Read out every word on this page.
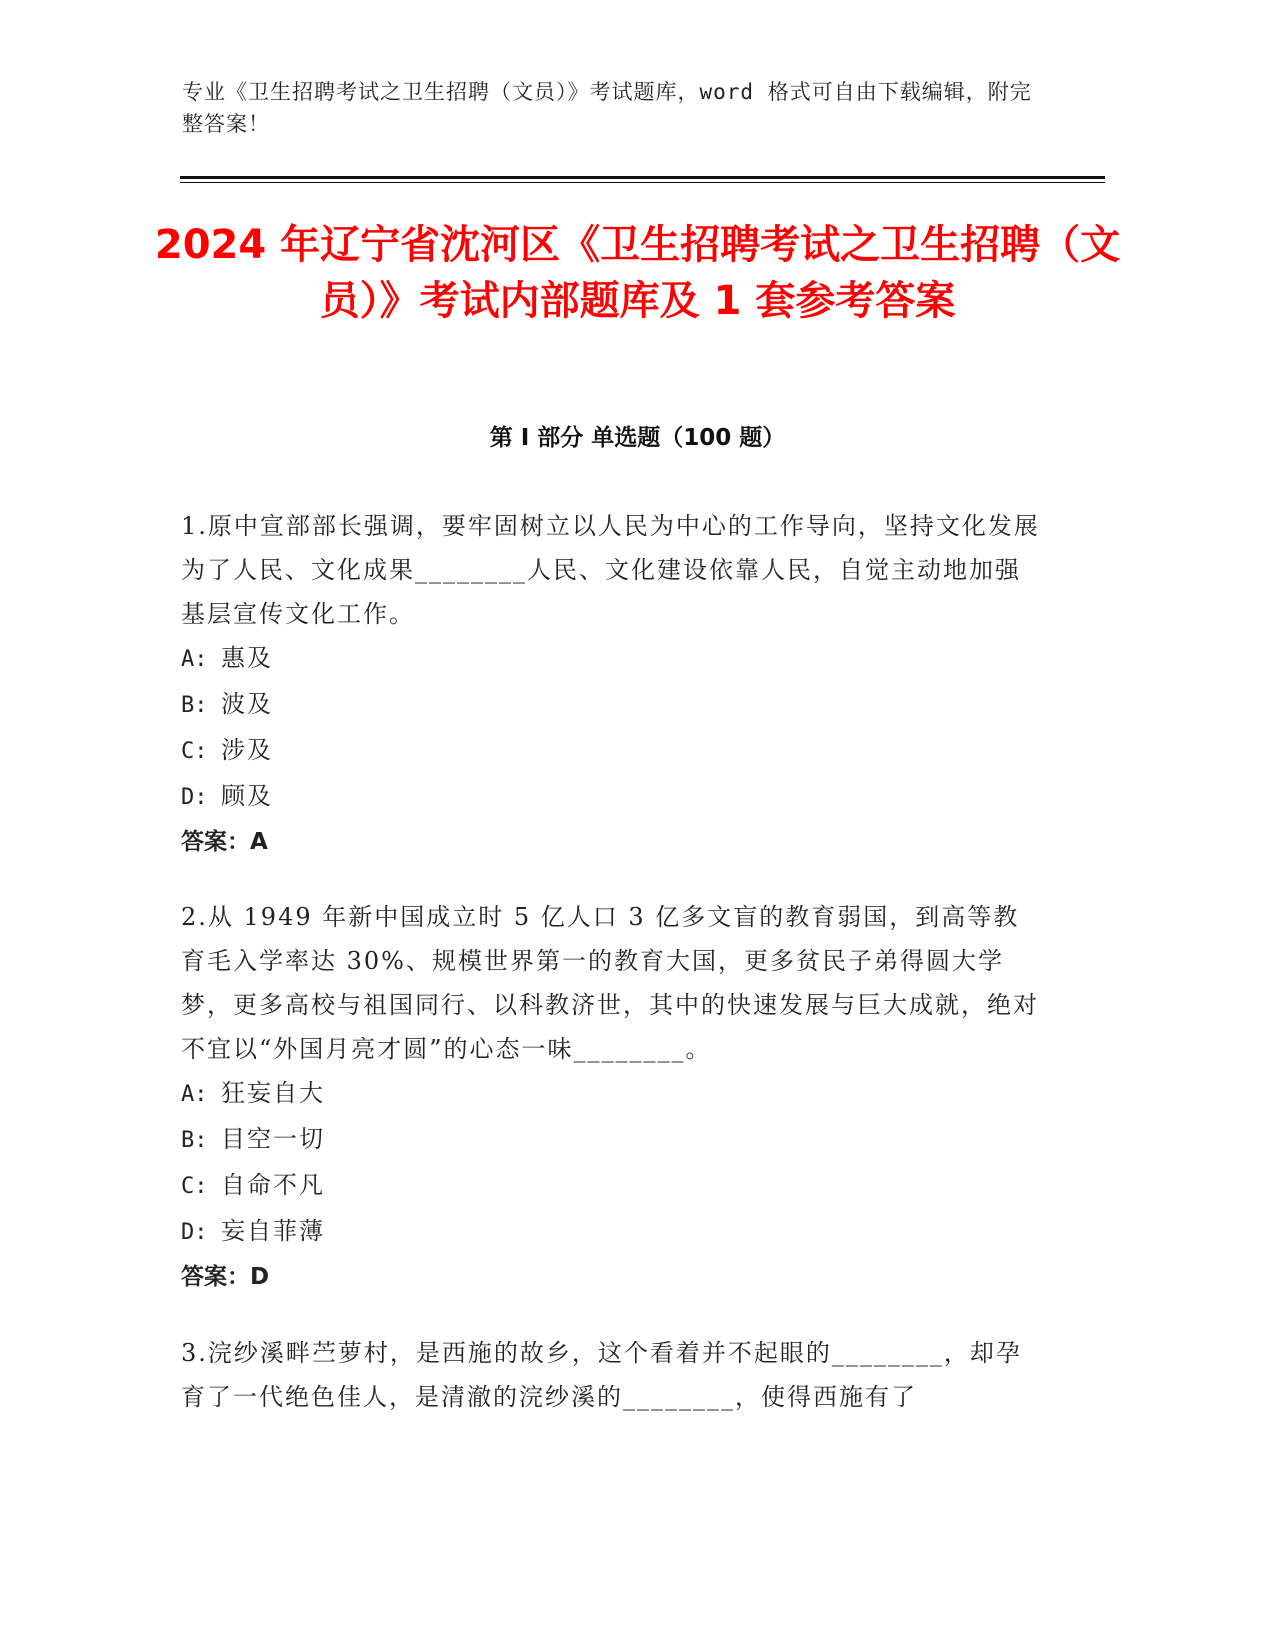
专业《卫生招聘考试之卫生招聘（文员）》考试题库，word 格式可自由下载编辑，附完整答案！
2024 年辽宁省沈河区《卫生招聘考试之卫生招聘（文员）》考试内部题库及 1 套参考答案
第 I 部分 单选题（100 题）
1.原中宣部部长强调，要牢固树立以人民为中心的工作导向，坚持文化发展为了人民、文化成果________人民、文化建设依靠人民，自觉主动地加强基层宣传文化工作。
A: 惠及
B: 波及
C: 涉及
D: 顾及
答案：A
2.从 1949 年新中国成立时 5 亿人口 3 亿多文盲的教育弱国，到高等教育毛入学率达 30%、规模世界第一的教育大国，更多贫民子弟得圆大学梦，更多高校与祖国同行、以科教济世，其中的快速发展与巨大成就，绝对不宜以“外国月亮才圆”的心态一味________。
A: 狂妄自大
B: 目空一切
C: 自命不凡
D: 妄自菲薄
答案：D
3.浣纱溪畔苎萝村，是西施的故乡，这个看着并不起眼的________，却孕育了一代绝色佳人，是清澈的浣纱溪的________，使得西施有了
